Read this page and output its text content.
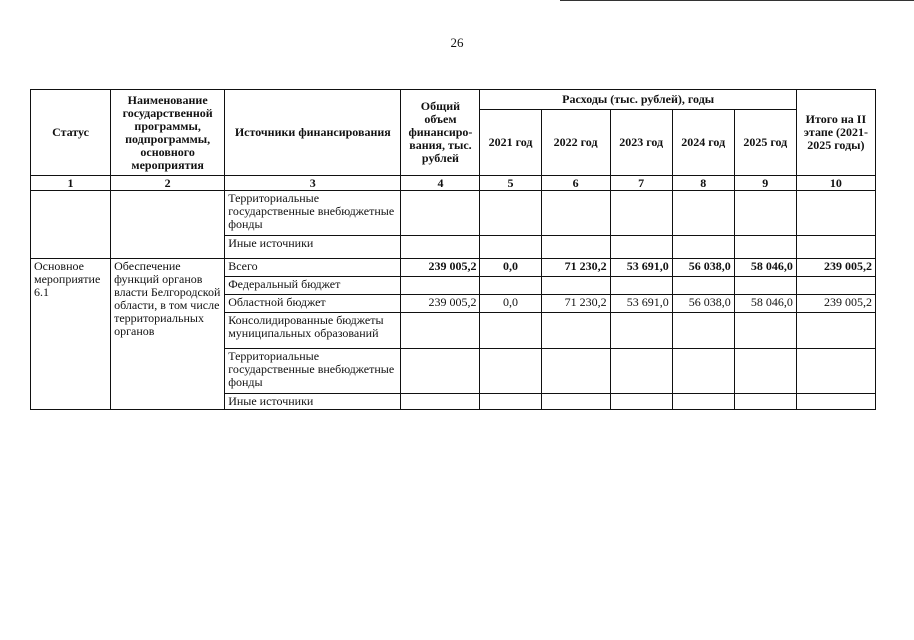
26
Статус	Наименование государственной программы, подпрограммы, основного мероприятия	Источники финансирования	Общий объем финансиро-вания, тыс. рублей	Расходы (тыс. рублей), годы					Итого на II этапе (2021-2025 годы)
				2021 год	2022 год	2023 год	2024 год	2025 год	
1	2	3	4	5	6	7	8	9	10
		Территориальные государственные внебюджетные фонды							
		Иные источники							
Основное мероприятие 6.1	Обеспечение функций органов власти Белгородской области, в том числе территориальных органов	Всего	239 005,2	0,0	71 230,2	53 691,0	56 038,0	58 046,0	239 005,2
		Федеральный бюджет							
		Областной бюджет	239 005,2	0,0	71 230,2	53 691,0	56 038,0	58 046,0	239 005,2
		Консолидированные бюджеты муниципальных образований							
		Территориальные государственные внебюджетные фонды							
		Иные источники							
